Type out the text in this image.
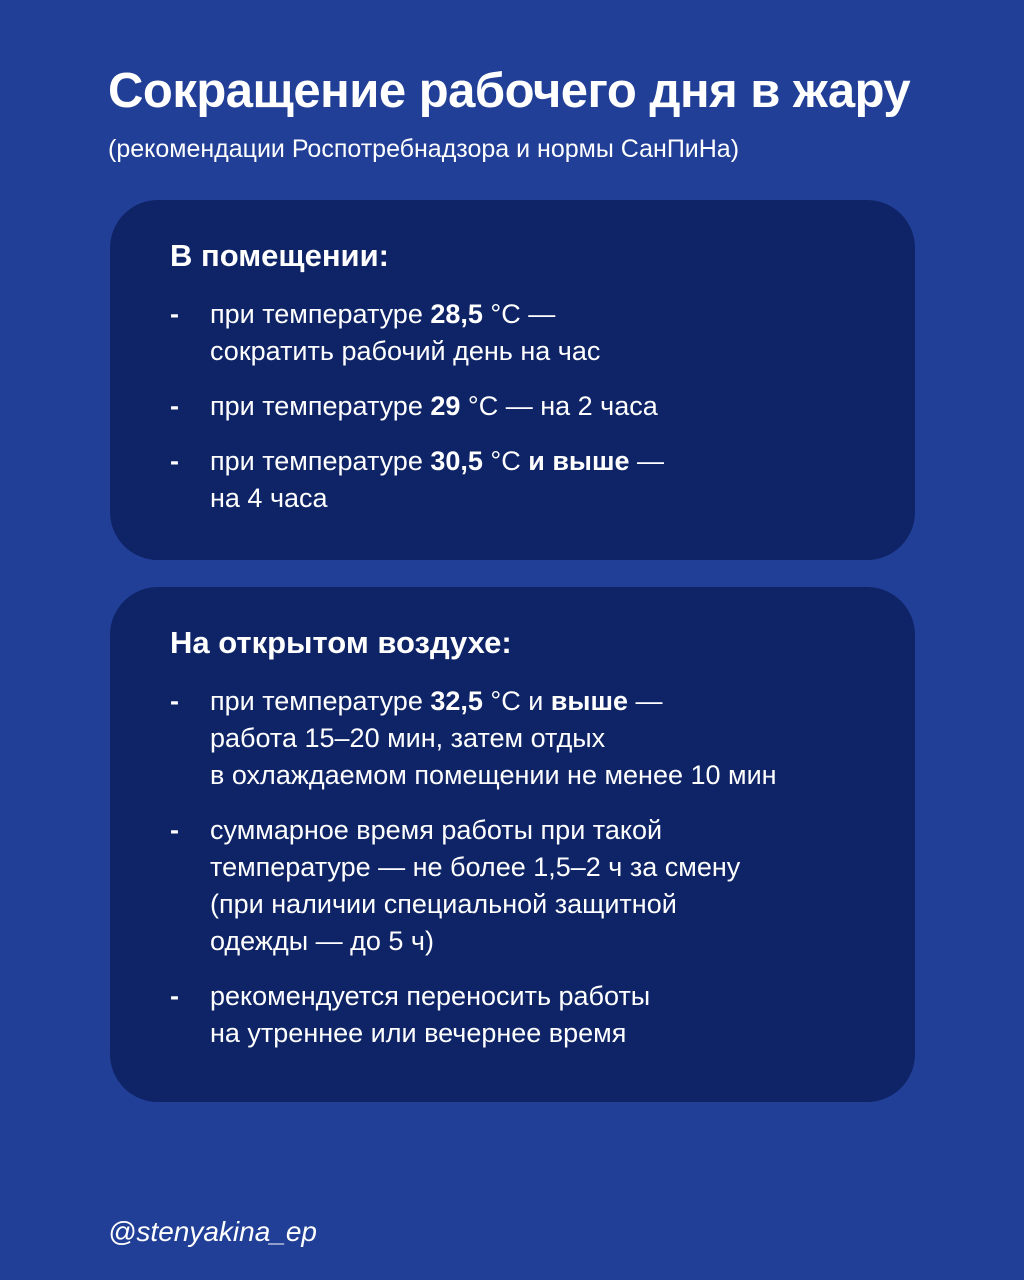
Сокращение рабочего дня в жару

(рекомендации Роспотребнадзора и нормы СанПиНа)

В помещении:
-	при температуре 28,5 °С —
сократить рабочий день на час
-	при температуре 29 °С — на 2 часа
-	при температуре 30,5 °С и выше —
на 4 часа
На открытом воздухе:
-	при температуре 32,5 °С и выше —
работа 15–20 мин, затем отдых
в охлаждаемом помещении не менее 10 мин
-	суммарное время работы при такой
температуре — не более 1,5–2 ч за смену
(при наличии специальной защитной
одежды — до 5 ч)
-	рекомендуется переносить работы
на утреннее или вечернее время

@stenyakina_ep
